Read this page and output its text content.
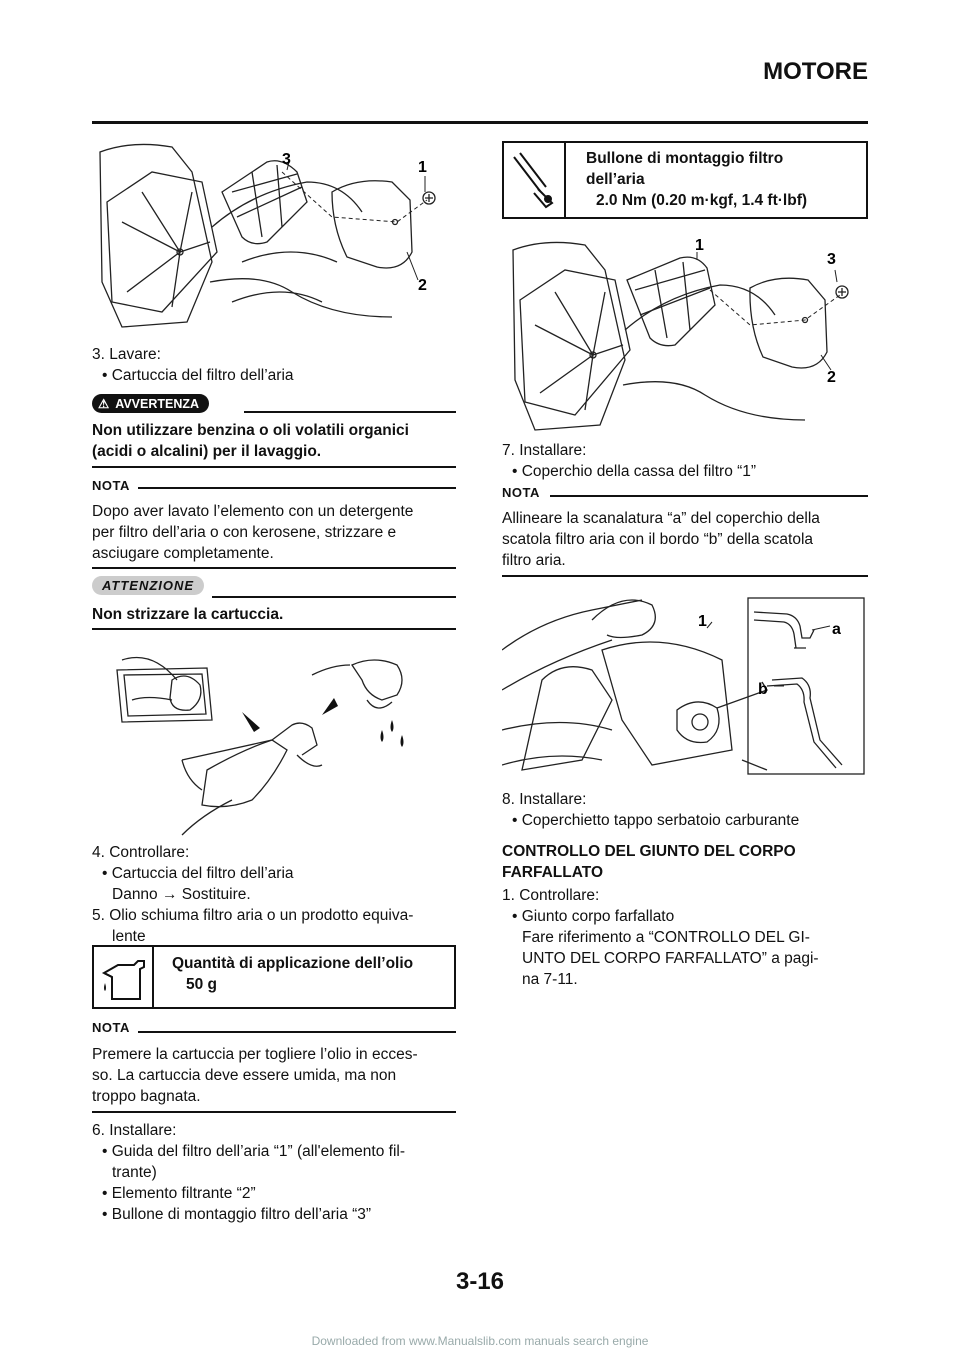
MOTORE
3	1
2
3. Lavare:
• Cartuccia del filtro dell’aria
⚠ AVVERTENZA
Non utilizzare benzina o oli volatili organici
(acidi o alcalini) per il lavaggio.
NOTA
Dopo aver lavato l’elemento con un detergente
per filtro dell’aria o con kerosene, strizzare e
asciugare completamente.
ATTENZIONE
Non strizzare la cartuccia.
4. Controllare:
• Cartuccia del filtro dell’aria
Danno → Sostituire.
5. Olio schiuma filtro aria o un prodotto equiva-
lente
Quantità di applicazione dell’olio
50 g
NOTA
Premere la cartuccia per togliere l’olio in ecces-
so. La cartuccia deve essere umida, ma non
troppo bagnata.
6. Installare:
• Guida del filtro dell’aria “1” (all'elemento fil-
trante)
• Elemento filtrante “2”
• Bullone di montaggio filtro dell’aria “3”
Bullone di montaggio filtro
dell’aria
2.0 Nm (0.20 m·kgf, 1.4 ft·lbf)
1
3
2
7. Installare:
• Coperchio della cassa del filtro “1”
NOTA
Allineare la scanalatura “a” del coperchio della
scatola filtro aria con il bordo “b” della scatola
filtro aria.
1	a
b
8. Installare:
• Coperchietto tappo serbatoio carburante
CONTROLLO DEL GIUNTO DEL CORPO
FARFALLATO
1. Controllare:
• Giunto corpo farfallato
Fare riferimento a “CONTROLLO DEL GI-
UNTO DEL CORPO FARFALLATO” a pagi-
na 7-11.
3-16
Downloaded from www.Manualslib.com manuals search engine
